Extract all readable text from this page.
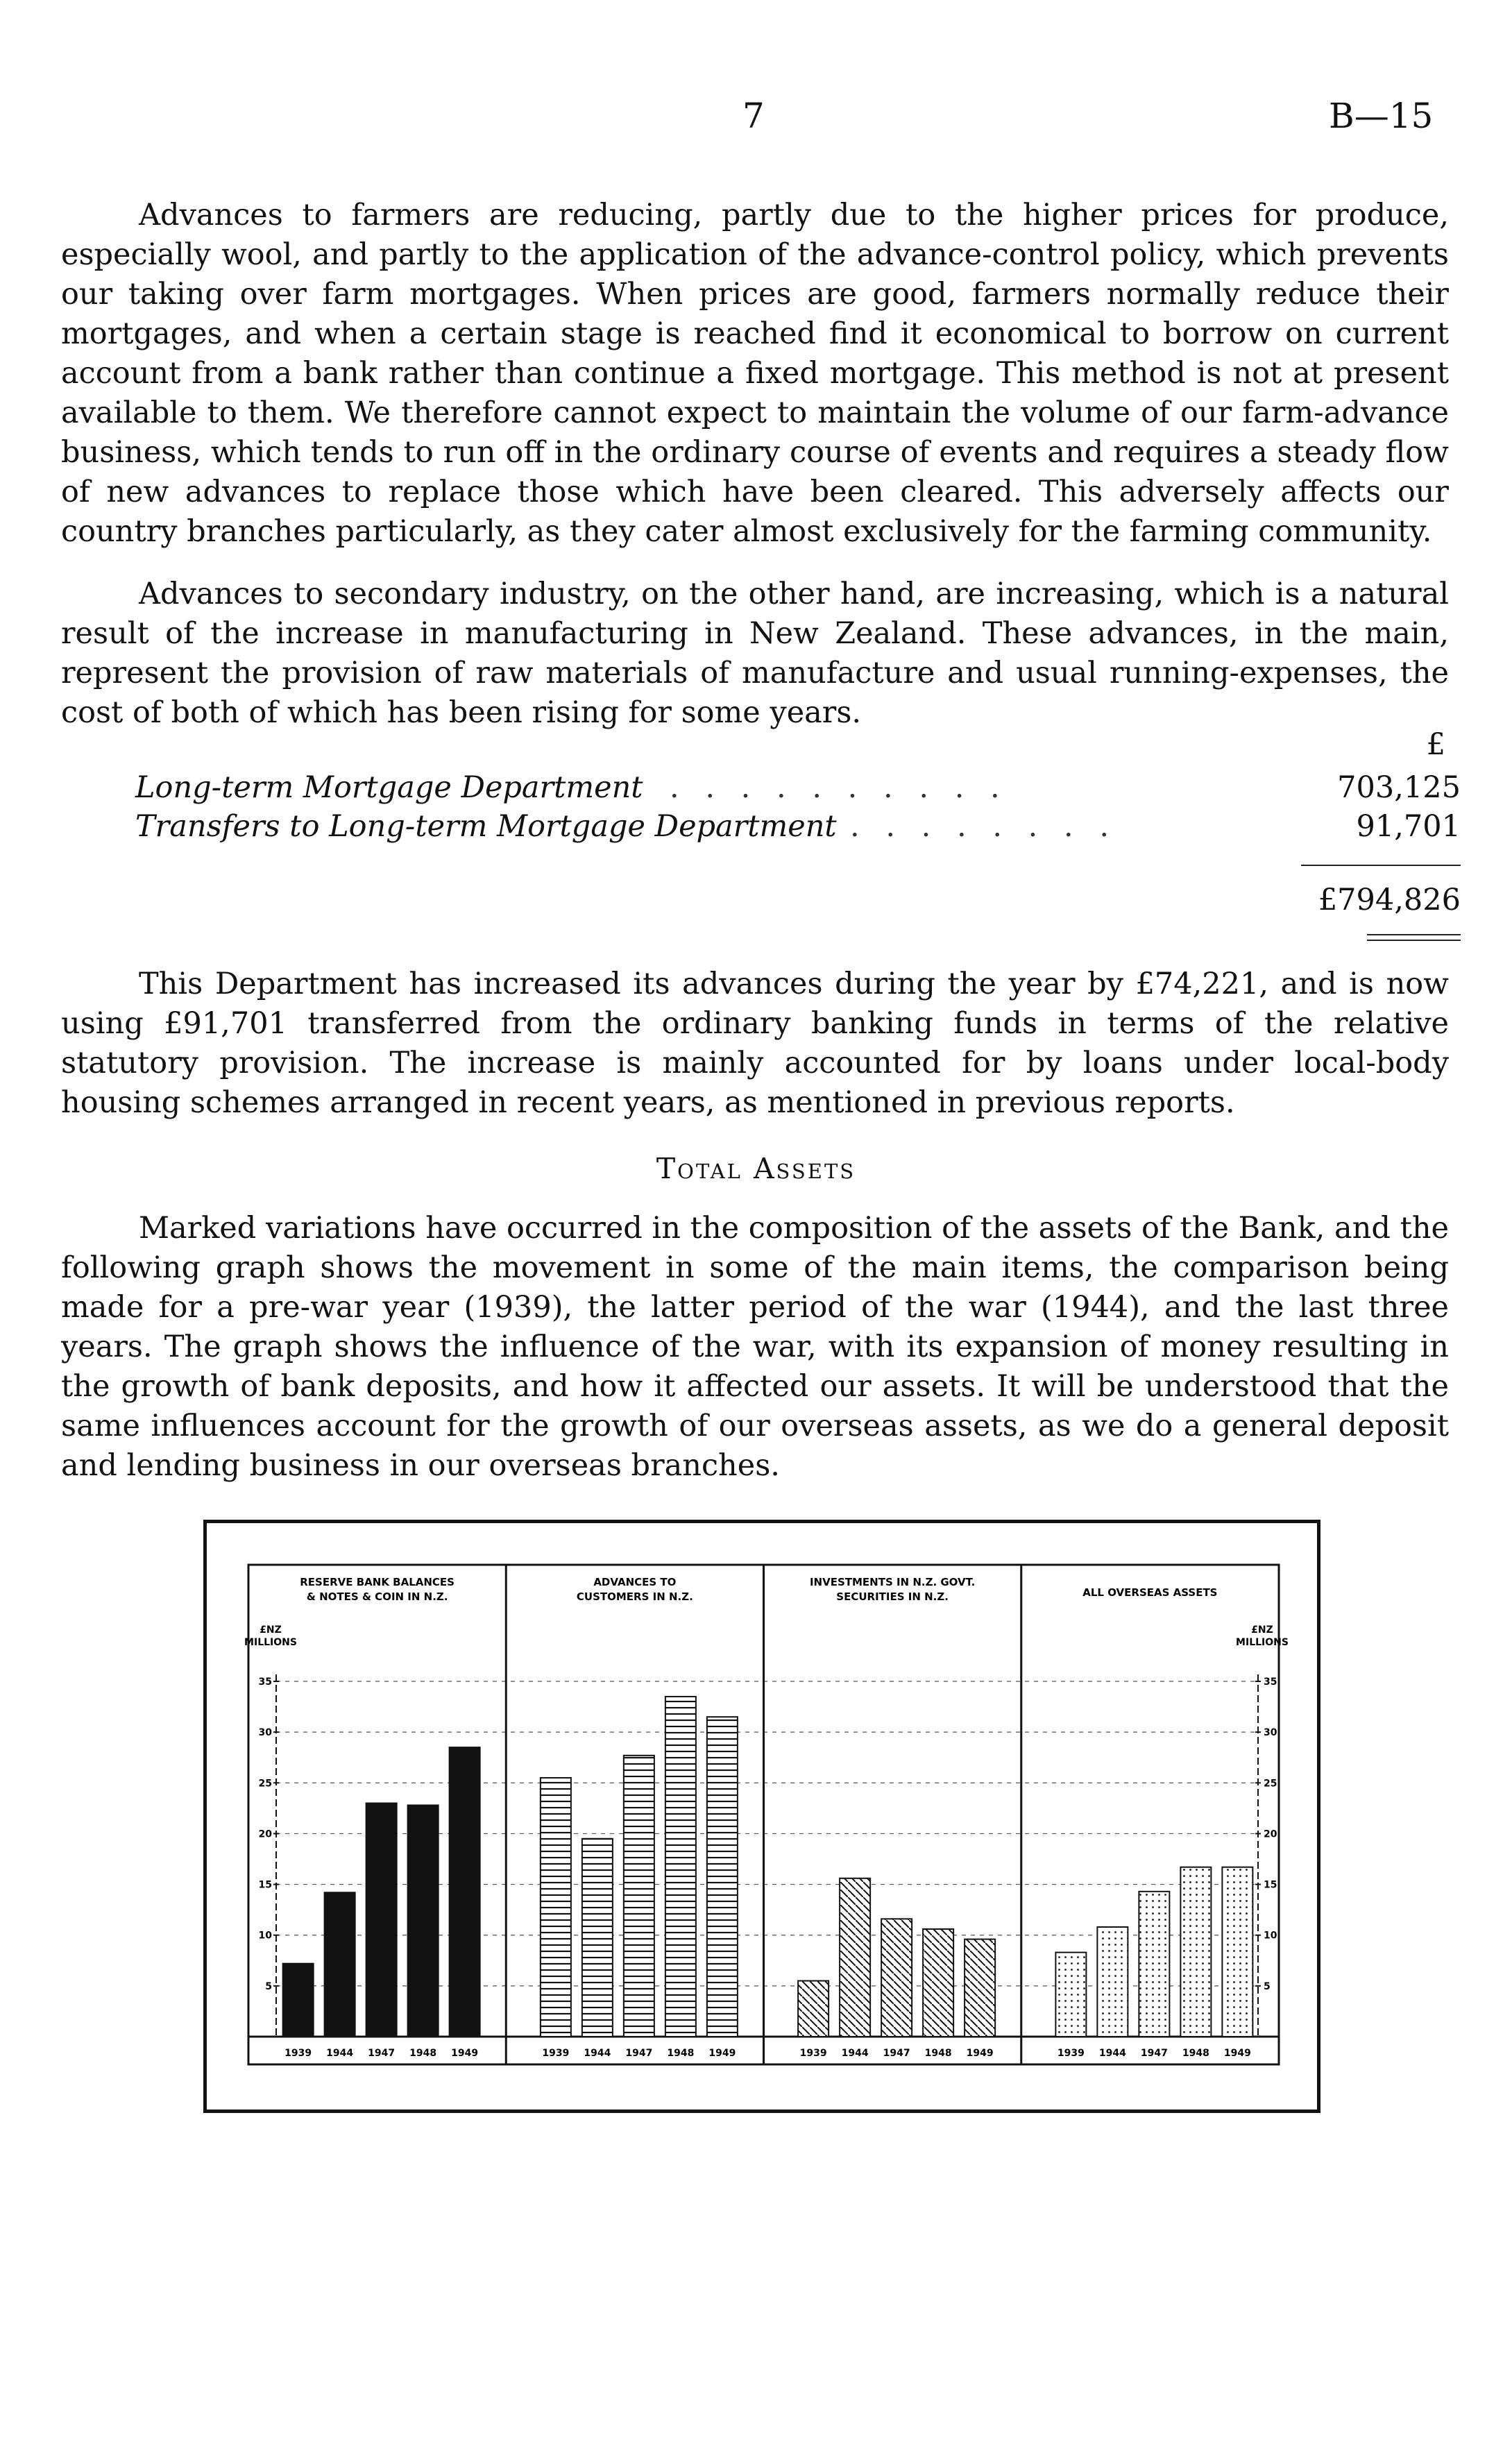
7	B—15

Advances to farmers are reducing, partly due to the higher prices for produce, especially wool, and partly to the application of the advance-control policy, which prevents our taking over farm mortgages. When prices are good, farmers normally reduce their mortgages, and when a certain stage is reached find it economical to borrow on current account from a bank rather than continue a fixed mortgage. This method is not at present available to them. We therefore cannot expect to maintain the volume of our farm-advance business, which tends to run off in the ordinary course of events and requires a steady flow of new advances to replace those which have been cleared. This adversely affects our country branches particularly, as they cater almost exclusively for the farming community.

Advances to secondary industry, on the other hand, are increasing, which is a natural result of the increase in manufacturing in New Zealand. These advances, in the main, represent the provision of raw materials of manufacture and usual running-expenses, the cost of both of which has been rising for some years.

£
Long-term Mortgage Department . . . . . . . . . .	703,125
Transfers to Long-term Mortgage Department . . . . . . . .	91,701
£794,826

This Department has increased its advances during the year by £74,221, and is now using £91,701 transferred from the ordinary banking funds in terms of the relative statutory provision. The increase is mainly accounted for by loans under local-body housing schemes arranged in recent years, as mentioned in previous reports.

Total Assets

Marked variations have occurred in the composition of the assets of the Bank, and the following graph shows the movement in some of the main items, the comparison being made for a pre-war year (1939), the latter period of the war (1944), and the last three years. The graph shows the influence of the war, with its expansion of money resulting in the growth of bank deposits, and how it affected our assets. It will be understood that the same influences account for the growth of our overseas assets, as we do a general deposit and lending business in our overseas branches.

£NZ
MILLIONS
5
10
15
20
25
30
35
£NZ
MILLIONS
5
10
15
20
25
30
35
RESERVE BANK BALANCES
& NOTES & COIN IN N.Z.
1939 1944 1947 1948 1949
ADVANCES TO
CUSTOMERS IN N.Z.
1939 1944 1947 1948 1949
INVESTMENTS IN N.Z. GOVT.
SECURITIES IN N.Z.
1939 1944 1947 1948 1949
ALL OVERSEAS ASSETS
1939 1944 1947 1948 1949
